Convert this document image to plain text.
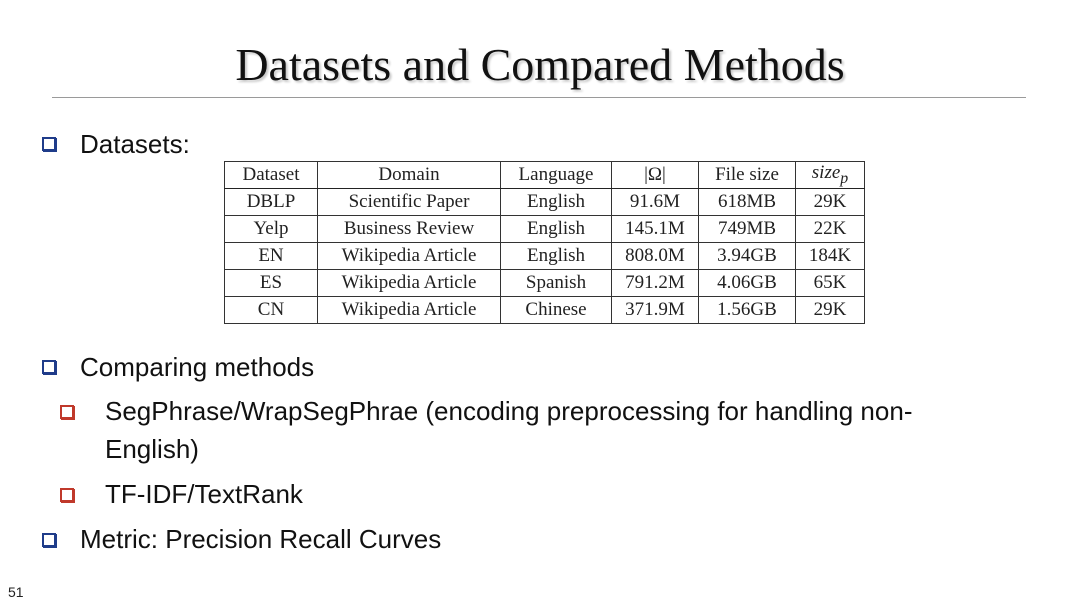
Datasets and Compared Methods
Datasets:
Dataset	Domain	Language	|Ω|	File size	size$_p$
DBLP	Scientific Paper	English	91.6M	618MB	29K
Yelp	Business Review	English	145.1M	749MB	22K
EN	Wikipedia Article	English	808.0M	3.94GB	184K
ES	Wikipedia Article	Spanish	791.2M	4.06GB	65K
CN	Wikipedia Article	Chinese	371.9M	1.56GB	29K
Comparing methods
SegPhrase/WrapSegPhrae (encoding preprocessing for handling non-
English)
TF-IDF/TextRank
Metric: Precision Recall Curves
51
